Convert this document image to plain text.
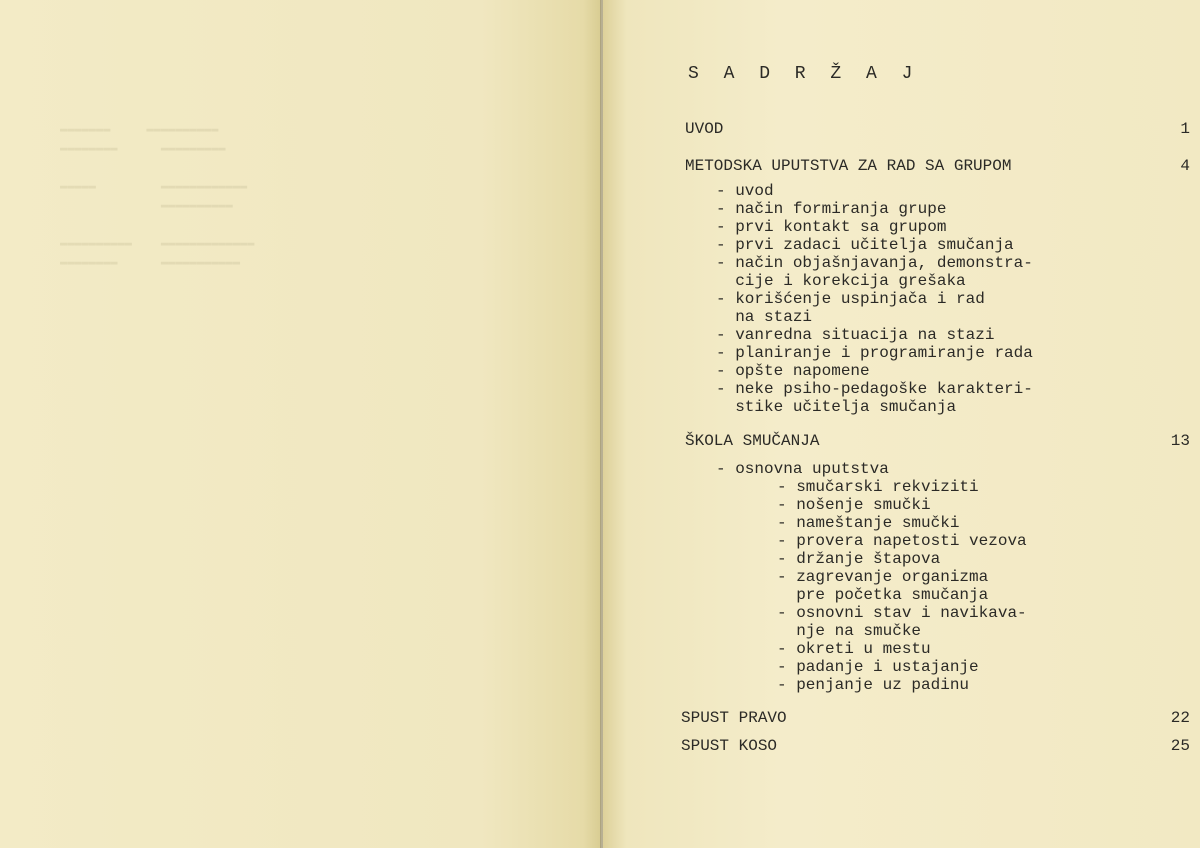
▬▬▬▬▬▬▬     ▬▬▬▬▬▬▬▬▬▬
▬▬▬▬▬▬▬▬      ▬▬▬▬▬▬▬▬▬

▬▬▬▬▬         ▬▬▬▬▬▬▬▬▬▬▬▬
▬▬▬▬▬▬▬▬▬▬

▬▬▬▬▬▬▬▬▬▬    ▬▬▬▬▬▬▬▬▬▬▬▬▬
▬▬▬▬▬▬▬▬      ▬▬▬▬▬▬▬▬▬▬▬
S A D R Ž A J
UVOD	1
METODSKA UPUTSTVA ZA RAD SA GRUPOM	4
- uvod
- način formiranja grupe
- prvi kontakt sa grupom
- prvi zadaci učitelja smučanja
- način objašnjavanja, demonstra-
cije i korekcija grešaka
- korišćenje uspinjača i rad
na stazi
- vanredna situacija na stazi
- planiranje i programiranje rada
- opšte napomene
- neke psiho-pedagoške karakteri-
stike učitelja smučanja
ŠKOLA SMUČANJA	13
- osnovna uputstva
- smučarski rekviziti
- nošenje smučki
- nameštanje smučki
- provera napetosti vezova
- držanje štapova
- zagrevanje organizma
pre početka smučanja
- osnovni stav i navikava-
nje na smučke
- okreti u mestu
- padanje i ustajanje
- penjanje uz padinu
SPUST PRAVO	22
SPUST KOSO	25
